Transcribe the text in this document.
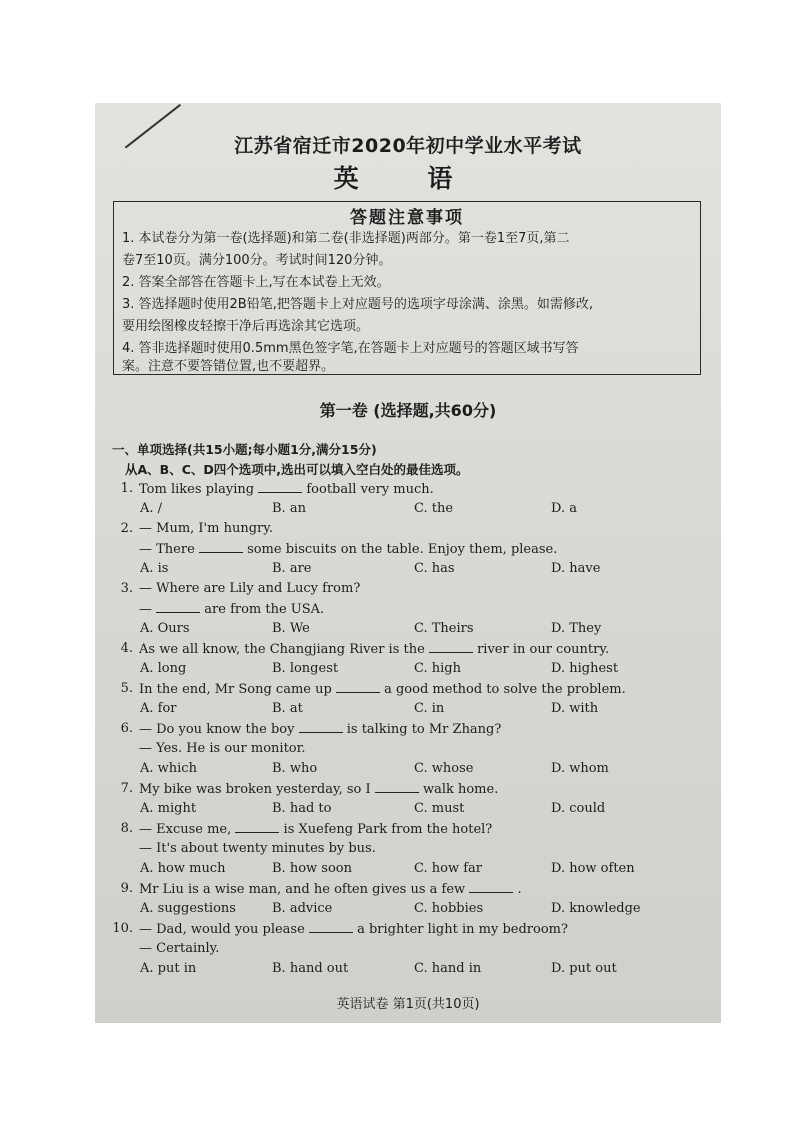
江苏省宿迁市2020年初中学业水平考试
英 语
答题注意事项
1. 本试卷分为第一卷(选择题)和第二卷(非选择题)两部分。第一卷1至7页,第二
卷7至10页。满分100分。考试时间120分钟。
2. 答案全部答在答题卡上,写在本试卷上无效。
3. 答选择题时使用2B铅笔,把答题卡上对应题号的选项字母涂满、涂黑。如需修改,
要用绘图橡皮轻擦干净后再选涂其它选项。
4. 答非选择题时使用0.5mm黑色签字笔,在答题卡上对应题号的答题区域书写答
案。注意不要答错位置,也不要超界。
第一卷 (选择题,共60分)
一、单项选择(共15小题;每小题1分,满分15分)
从A、B、C、D四个选项中,选出可以填入空白处的最佳选项。
1. Tom likes playing	football very much.
A. /	B. an	C. the	D. a
2. — Mum, I'm hungry.
— There	some biscuits on the table. Enjoy them, please.
A. is	B. are	C. has	D. have
3. — Where are Lily and Lucy from?
—	are from the USA.
A. Ours	B. We	C. Theirs	D. They
4. As we all know, the Changjiang River is the	river in our country.
A. long	B. longest	C. high	D. highest
5. In the end, Mr Song came up	a good method to solve the problem.
A. for	B. at	C. in	D. with
6. — Do you know the boy	is talking to Mr Zhang?
— Yes. He is our monitor.
A. which	B. who	C. whose	D. whom
7. My bike was broken yesterday, so I	walk home.
A. might	B. had to	C. must	D. could
8. — Excuse me,	is Xuefeng Park from the hotel?
— It's about twenty minutes by bus.
A. how much	B. how soon	C. how far	D. how often
9. Mr Liu is a wise man, and he often gives us a few	.
A. suggestions	B. advice	C. hobbies	D. knowledge
10. — Dad, would you please	a brighter light in my bedroom?
— Certainly.
A. put in	B. hand out	C. hand in	D. put out
英语试卷 第1页(共10页)
